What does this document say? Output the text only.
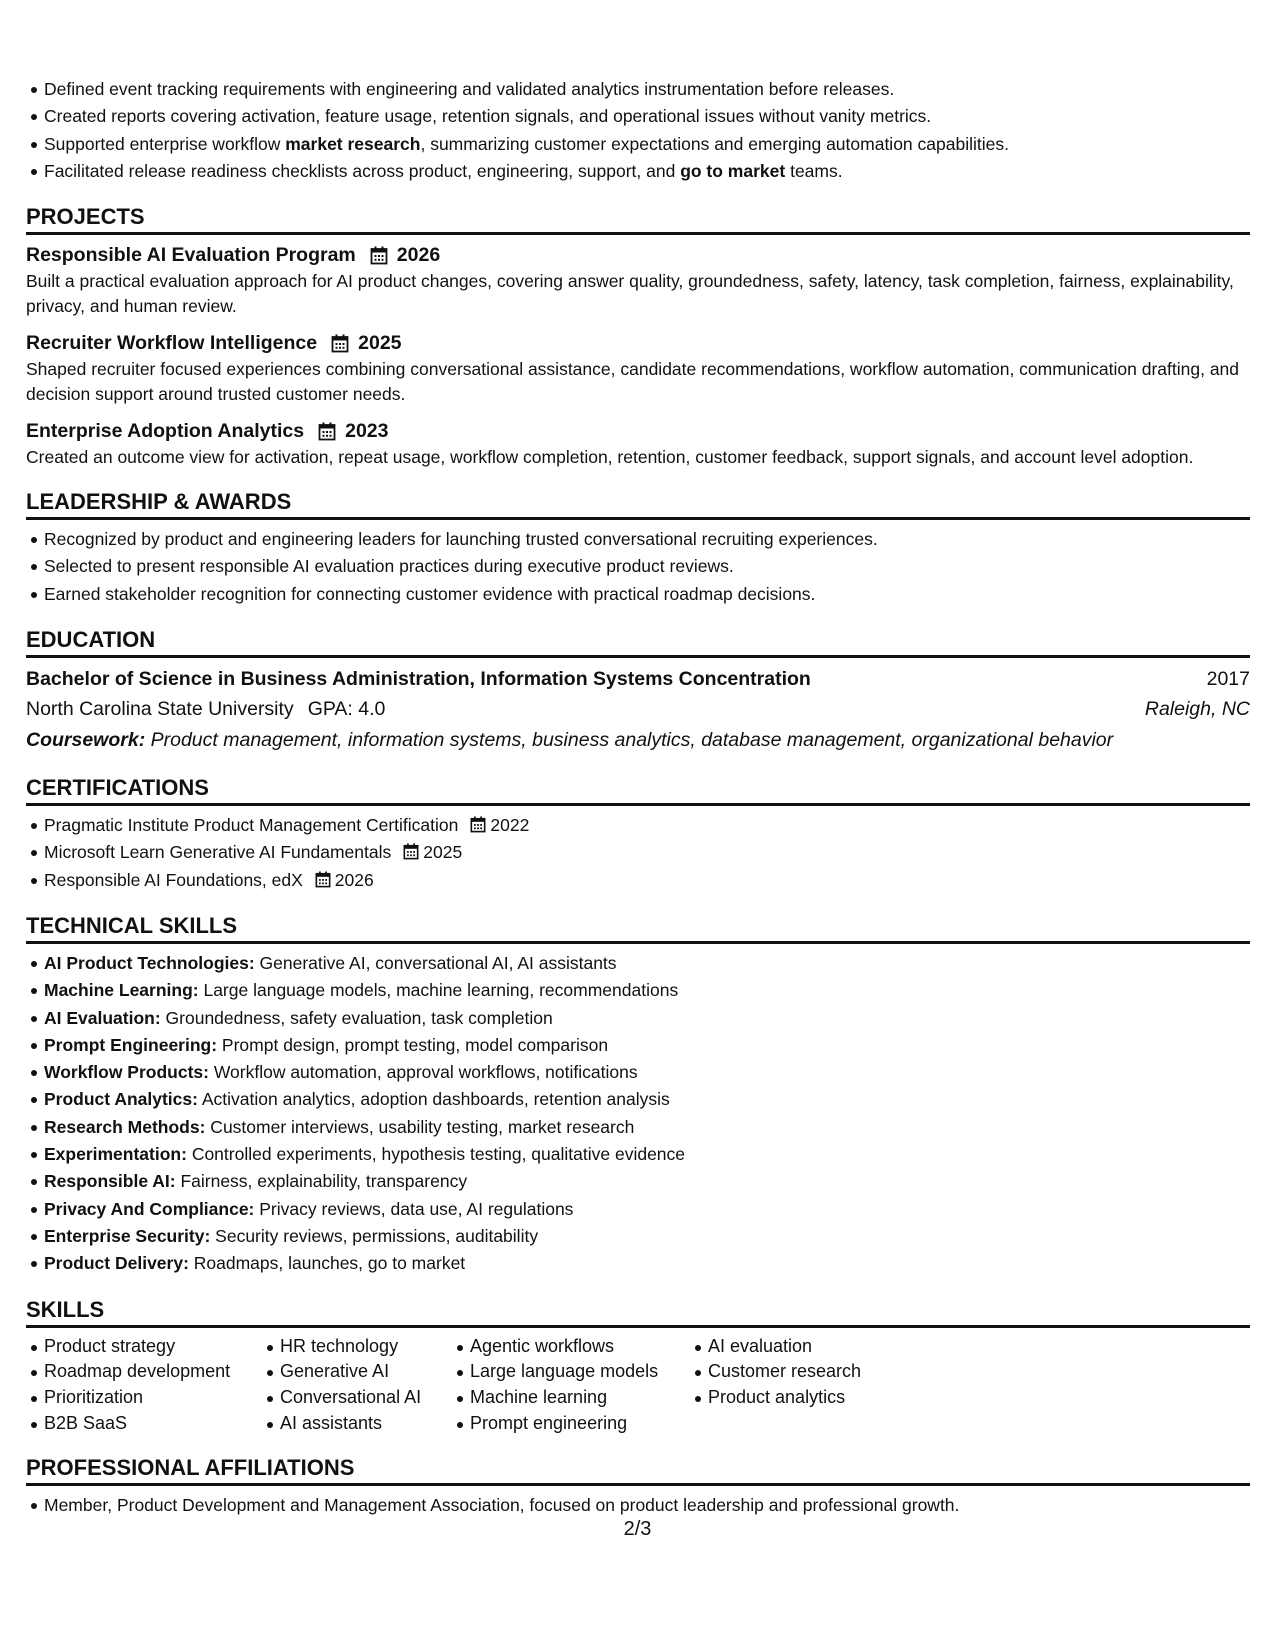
Defined event tracking requirements with engineering and validated analytics instrumentation before releases.
Created reports covering activation, feature usage, retention signals, and operational issues without vanity metrics.
Supported enterprise workflow market research, summarizing customer expectations and emerging automation capabilities.
Facilitated release readiness checklists across product, engineering, support, and go to market teams.
PROJECTS
Responsible AI Evaluation Program 2026
Built a practical evaluation approach for AI product changes, covering answer quality, groundedness, safety, latency, task completion, fairness, explainability, privacy, and human review.
Recruiter Workflow Intelligence 2025
Shaped recruiter focused experiences combining conversational assistance, candidate recommendations, workflow automation, communication drafting, and decision support around trusted customer needs.
Enterprise Adoption Analytics 2023
Created an outcome view for activation, repeat usage, workflow completion, retention, customer feedback, support signals, and account level adoption.
LEADERSHIP & AWARDS
Recognized by product and engineering leaders for launching trusted conversational recruiting experiences.
Selected to present responsible AI evaluation practices during executive product reviews.
Earned stakeholder recognition for connecting customer evidence with practical roadmap decisions.
EDUCATION
Bachelor of Science in Business Administration, Information Systems Concentration	2017
North Carolina State University GPA: 4.0	Raleigh, NC
Coursework: Product management, information systems, business analytics, database management, organizational behavior
CERTIFICATIONS
Pragmatic Institute Product Management Certification 2022
Microsoft Learn Generative AI Fundamentals 2025
Responsible AI Foundations, edX 2026
TECHNICAL SKILLS
AI Product Technologies: Generative AI, conversational AI, AI assistants
Machine Learning: Large language models, machine learning, recommendations
AI Evaluation: Groundedness, safety evaluation, task completion
Prompt Engineering: Prompt design, prompt testing, model comparison
Workflow Products: Workflow automation, approval workflows, notifications
Product Analytics: Activation analytics, adoption dashboards, retention analysis
Research Methods: Customer interviews, usability testing, market research
Experimentation: Controlled experiments, hypothesis testing, qualitative evidence
Responsible AI: Fairness, explainability, transparency
Privacy And Compliance: Privacy reviews, data use, AI regulations
Enterprise Security: Security reviews, permissions, auditability
Product Delivery: Roadmaps, launches, go to market
SKILLS
Product strategy
Roadmap development
Prioritization
B2B SaaS
HR technology
Generative AI
Conversational AI
AI assistants
Agentic workflows
Large language models
Machine learning
Prompt engineering
AI evaluation
Customer research
Product analytics
PROFESSIONAL AFFILIATIONS
Member, Product Development and Management Association, focused on product leadership and professional growth.
2/3
